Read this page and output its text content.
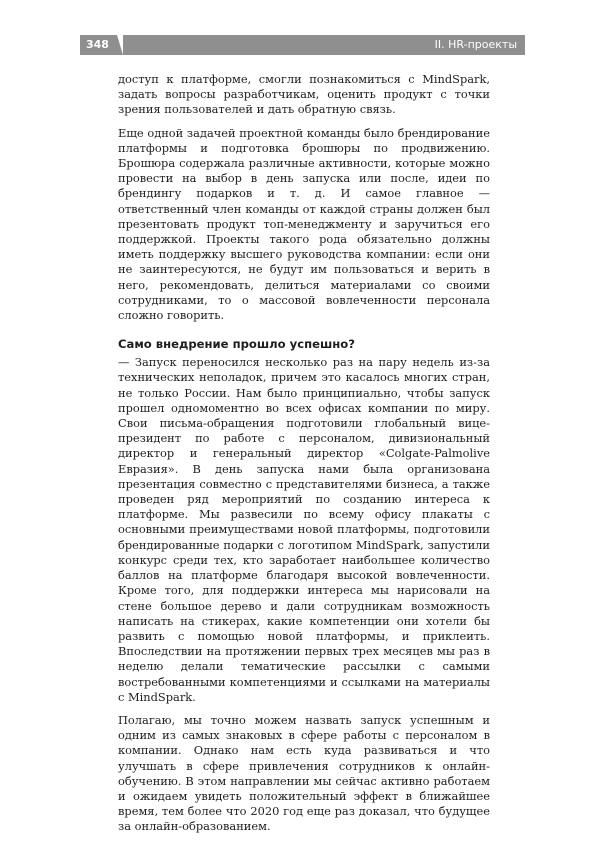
348	II. HR-проекты

доступ к платформе, смогли познакомиться с MindSpark, задать вопросы разработчикам, оценить продукт с точки зрения пользователей и дать обратную связь.

Еще одной задачей проектной команды было брендирование платформы и подготовка брошюры по продвижению. Брошюра содержала различные активности, которые можно провести на выбор в день запуска или после, идеи по брендингу подарков и т. д. И самое главное — ответственный член команды от каждой страны должен был презентовать продукт топ-менеджменту и заручиться его поддержкой. Проекты такого рода обязательно должны иметь поддержку высшего руководства компании: если они не заинтересуются, не будут им пользоваться и верить в него, рекомендовать, делиться материалами со своими сотрудниками, то о массовой вовлеченности персонала сложно говорить.

Само внедрение прошло успешно?

— Запуск переносился несколько раз на пару недель из-за технических неполадок, причем это касалось многих стран, не только России. Нам было принципиально, чтобы запуск прошел одномоментно во всех офисах компании по миру. Свои письма-обращения подготовили глобальный вице-президент по работе с персоналом, дивизиональный директор и генеральный директор «Colgate-Palmolive Евразия». В день запуска нами была организована презентация совместно с представителями бизнеса, а также проведен ряд мероприятий по созданию интереса к платформе. Мы развесили по всему офису плакаты с основными преимуществами новой платформы, подготовили брендированные подарки с логотипом MindSpark, запустили конкурс среди тех, кто заработает наибольшее количество баллов на платформе благодаря высокой вовлеченности. Кроме того, для поддержки интереса мы нарисовали на стене большое дерево и дали сотрудникам возможность написать на стикерах, какие компетенции они хотели бы развить с помощью новой платформы, и приклеить. Впоследствии на протяжении первых трех месяцев мы раз в неделю делали тематические рассылки с самыми востребованными компетенциями и ссылками на материалы с MindSpark.

Полагаю, мы точно можем назвать запуск успешным и одним из самых знаковых в сфере работы с персоналом в компании. Однако нам есть куда развиваться и что улучшать в сфере привлечения сотрудников к онлайн-обучению. В этом направлении мы сейчас активно работаем и ожидаем увидеть положительный эффект в ближайшее время, тем более что 2020 год еще раз доказал, что будущее за онлайн-образованием.
